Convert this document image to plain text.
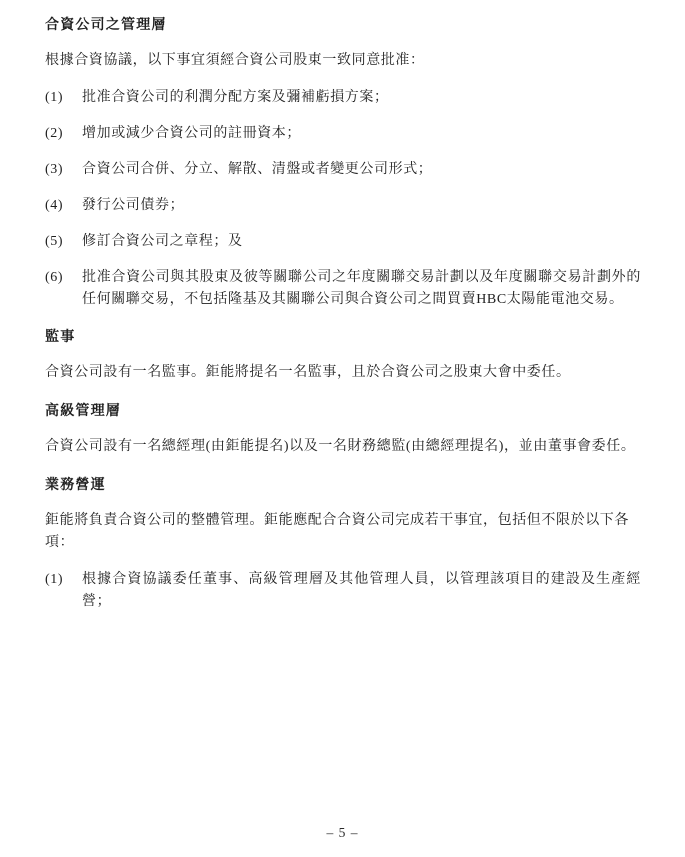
合資公司之管理層

根據合資協議，以下事宜須經合資公司股東一致同意批准：

(1)	批准合資公司的利潤分配方案及彌補虧損方案；
(2)	增加或減少合資公司的註冊資本；
(3)	合資公司合併、分立、解散、清盤或者變更公司形式；
(4)	發行公司債券；
(5)	修訂合資公司之章程；及
(6)	批准合資公司與其股東及彼等關聯公司之年度關聯交易計劃以及年度關聯交易計劃外的任何關聯交易，不包括隆基及其關聯公司與合資公司之間買賣HBC太陽能電池交易。
監事

合資公司設有一名監事。鉅能將提名一名監事，且於合資公司之股東大會中委任。

高級管理層

合資公司設有一名總經理(由鉅能提名)以及一名財務總監(由總經理提名)，並由董事會委任。

業務營運

鉅能將負責合資公司的整體管理。鉅能應配合合資公司完成若干事宜，包括但不限於以下各項：

(1)	根據合資協議委任董事、高級管理層及其他管理人員，以管理該項目的建設及生產經營；
– 5 –
